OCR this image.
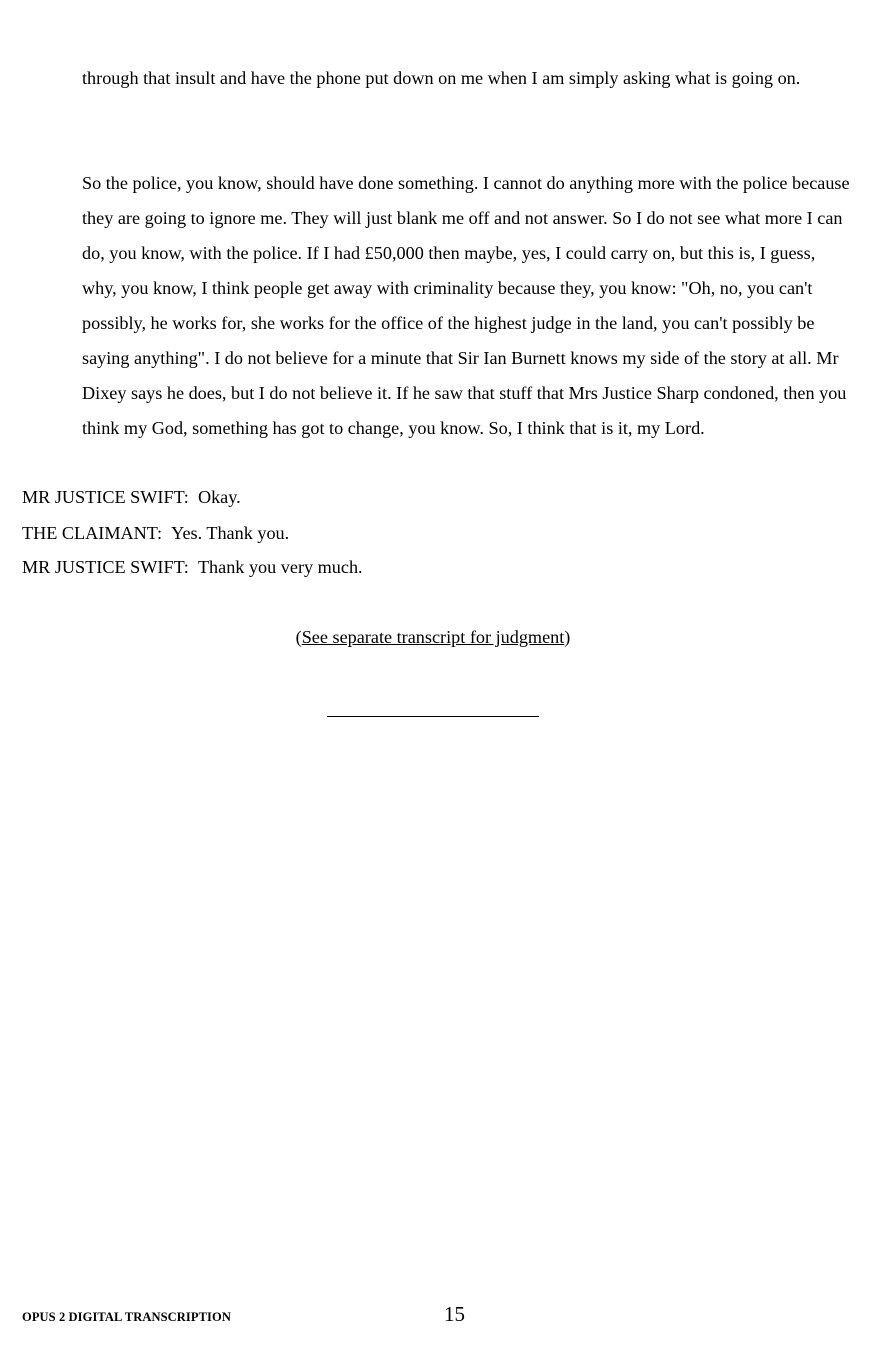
through that insult and have the phone put down on me when I am simply asking what is going on.

So the police, you know, should have done something. I cannot do anything more with the police because they are going to ignore me. They will just blank me off and not answer. So I do not see what more I can do, you know, with the police. If I had £50,000 then maybe, yes, I could carry on, but this is, I guess, why, you know, I think people get away with criminality because they, you know: "Oh, no, you can't possibly, he works for, she works for the office of the highest judge in the land, you can't possibly be saying anything". I do not believe for a minute that Sir Ian Burnett knows my side of the story at all. Mr Dixey says he does, but I do not believe it. If he saw that stuff that Mrs Justice Sharp condoned, then you think my God, something has got to change, you know. So, I think that is it, my Lord.

MR JUSTICE SWIFT: Okay.

THE CLAIMANT: Yes. Thank you.

MR JUSTICE SWIFT: Thank you very much.

(See separate transcript for judgment)
OPUS 2 DIGITAL TRANSCRIPTION	15
